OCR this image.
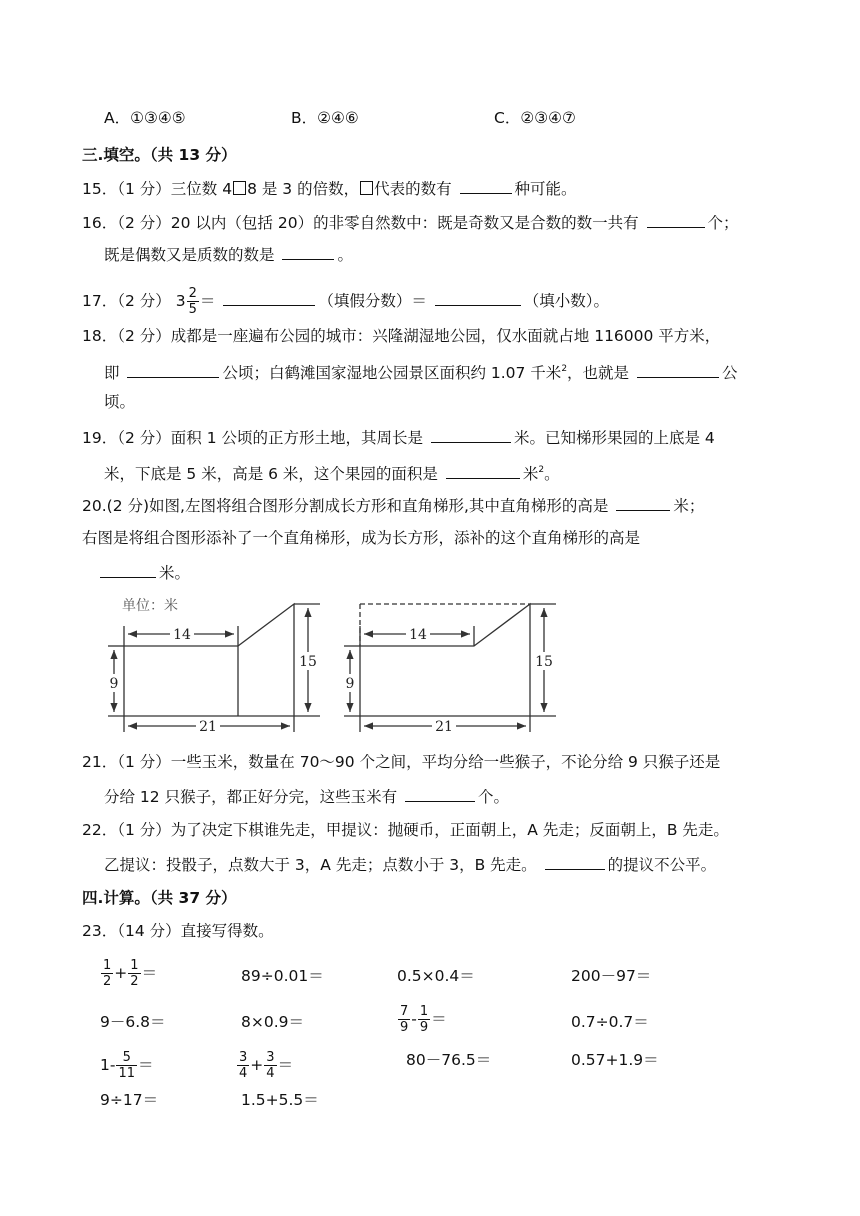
A．①③④⑤	B．②④⑥	C．②③④⑦
三.填空。（共 13 分）
15．（1 分）三位数 4 8 是 3 的倍数， 代表的数有	种可能。
16．（2 分）20 以内（包括 20）的非零自然数中：既是奇数又是合数的数一共有	个；
既是偶数又是质数的数是	。
17．（2 分） $3 \frac{2}{5}$ ＝	（填假分数）＝	（填小数）。
18．（2 分）成都是一座遍布公园的城市：兴隆湖湿地公园，仅水面就占地 116000 平方米，
即	公顷；白鹤滩国家湿地公园景区面积约 1.07 千米$^2$，也就是	公
顷。
19．（2 分）面积 1 公顷的正方形土地，其周长是	米。已知梯形果园的上底是 4
米，下底是 5 米，高是 6 米，这个果园的面积是	米$^2$。
20.(2 分)如图,左图将组合图形分割成长方形和直角梯形,其中直角梯形的高是	米；
右图是将组合图形添补了一个直角梯形，成为长方形，添补的这个直角梯形的高是
米。
单位：米
14
9
15
21
14
9
15
21
21．（1 分）一些玉米，数量在 70～90 个之间，平均分给一些猴子，不论分给 9 只猴子还是
分给 12 只猴子，都正好分完，这些玉米有	个。
22．（1 分）为了决定下棋谁先走，甲提议：抛硬币，正面朝上，A 先走；反面朝上，B 先走。
乙提议：投骰子，点数大于 3，A 先走；点数小于 3，B 先走。	的提议不公平。
四.计算。（共 37 分）
23．（14 分）直接写得数。
$\frac{1}{2} + \frac{1}{2}$ ＝	89÷0.01＝	0.5×0.4＝	200－97＝
9－6.8＝	8×0.9＝	$\frac{7}{9} - \frac{1}{9}$ ＝	0.7÷0.7＝
$1- \frac{5}{11}$ ＝	$\frac{3}{4} + \frac{3}{4}$ ＝	80－76.5＝	0.57+1.9＝
9÷17＝	1.5+5.5＝
